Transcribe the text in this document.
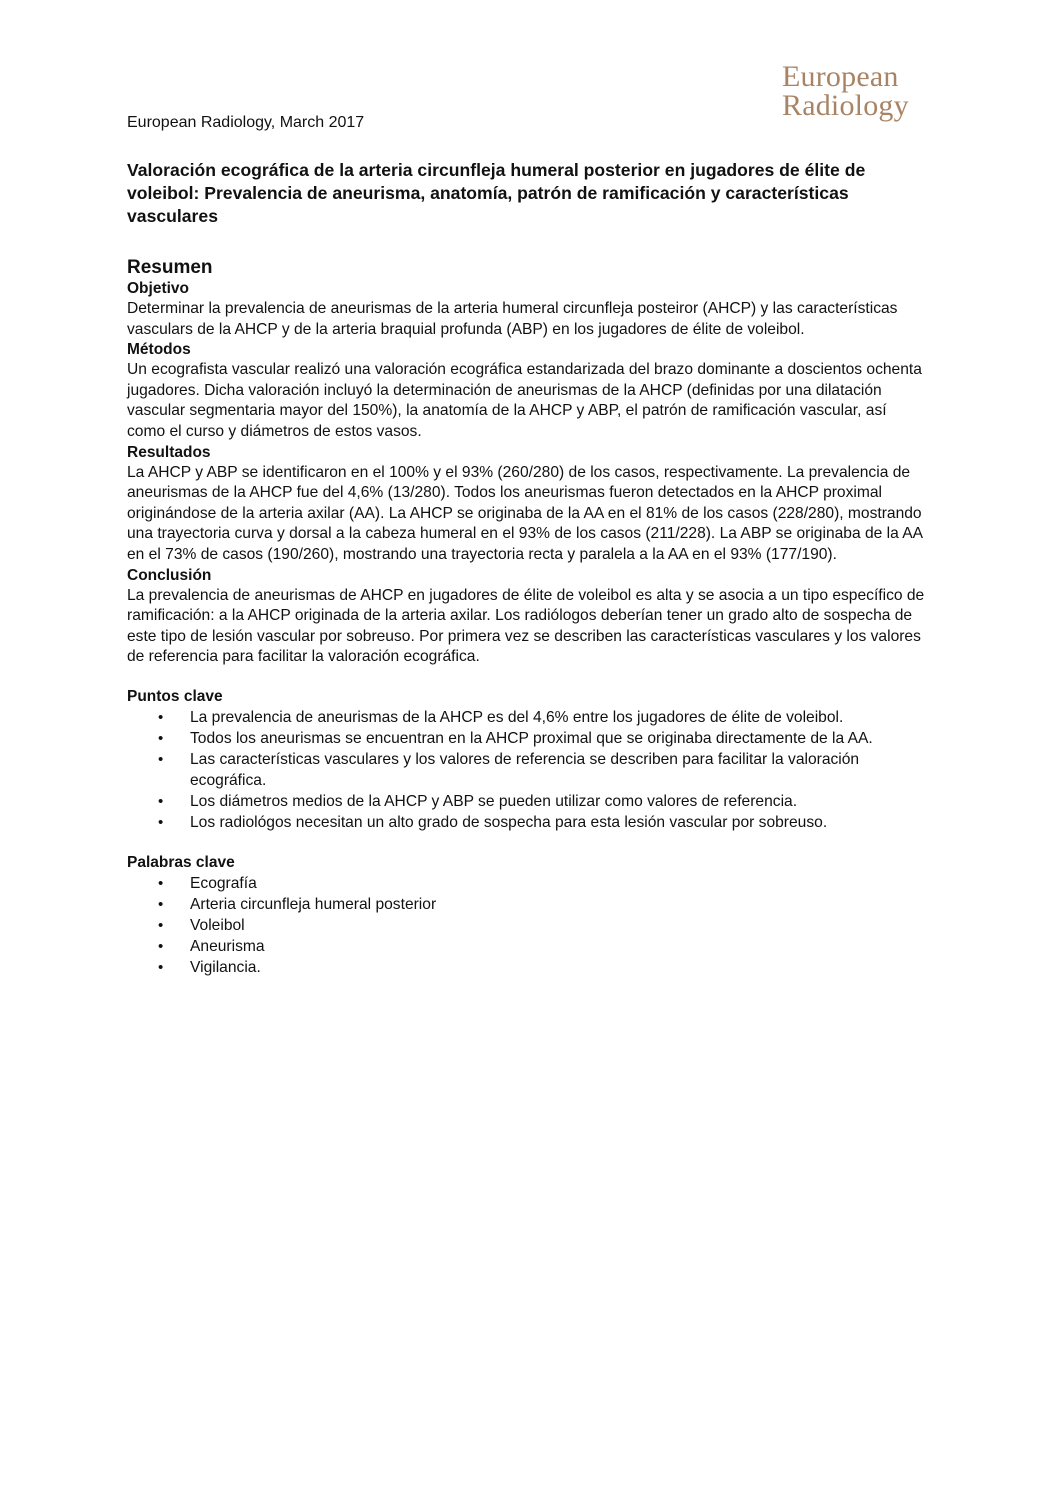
European
Radiology
European Radiology, March 2017
Valoración ecográfica de la arteria circunfleja humeral posterior en jugadores de élite de voleibol: Prevalencia de aneurisma, anatomía, patrón de ramificación y características vasculares
Resumen
Objetivo

Determinar la prevalencia de aneurismas de la arteria humeral circunfleja posteiror (AHCP) y las características vasculars de la AHCP y de la arteria braquial profunda (ABP) en los jugadores de élite de voleibol.

Métodos

Un ecografista vascular realizó una valoración ecográfica estandarizada del brazo dominante a doscientos ochenta jugadores. Dicha valoración incluyó la determinación de aneurismas de la AHCP (definidas por una dilatación vascular segmentaria mayor del 150%), la anatomía de la AHCP y ABP, el patrón de ramificación vascular, así como el curso y diámetros de estos vasos.

Resultados

La AHCP y ABP se identificaron en el 100% y el 93% (260/280) de los casos, respectivamente. La prevalencia de aneurismas de la AHCP fue del 4,6% (13/280). Todos los aneurismas fueron detectados en la AHCP proximal originándose de la arteria axilar (AA). La AHCP se originaba de la AA en el 81% de los casos (228/280), mostrando una trayectoria curva y dorsal a la cabeza humeral en el 93% de los casos (211/228). La ABP se originaba de la AA en el 73% de casos (190/260), mostrando una trayectoria recta y paralela a la AA en el 93% (177/190).

Conclusión

La prevalencia de aneurismas de AHCP en jugadores de élite de voleibol es alta y se asocia a un tipo específico de ramificación: a la AHCP originada de la arteria axilar. Los radiólogos deberían tener un grado alto de sospecha de este tipo de lesión vascular por sobreuso. Por primera vez se describen las características vasculares y los valores de referencia para facilitar la valoración ecográfica.

Puntos clave
• La prevalencia de aneurismas de la AHCP es del 4,6% entre los jugadores de élite de voleibol.
• Todos los aneurismas se encuentran en la AHCP proximal que se originaba directamente de la AA.
• Las características vasculares y los valores de referencia se describen para facilitar la valoración ecográfica.
• Los diámetros medios de la AHCP y ABP se pueden utilizar como valores de referencia.
• Los radiológos necesitan un alto grado de sospecha para esta lesión vascular por sobreuso.
Palabras clave
• Ecografía
• Arteria circunfleja humeral posterior
• Voleibol
• Aneurisma
• Vigilancia.
